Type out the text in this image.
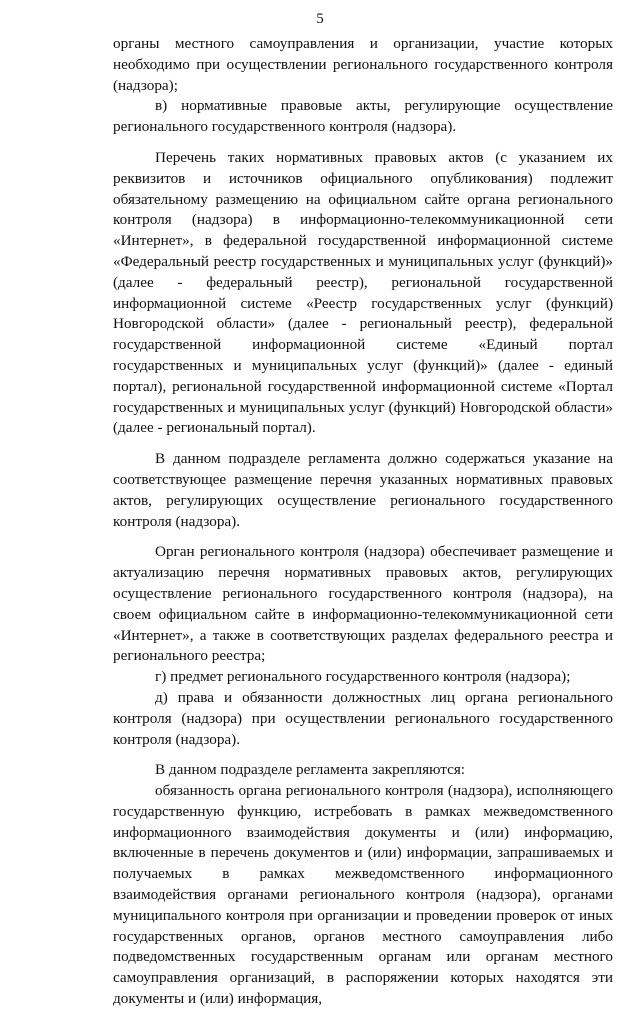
5

органы местного самоуправления и организации, участие которых необходимо при осуществлении регионального государственного контроля (надзора);

в) нормативные правовые акты, регулирующие осуществление регионального государственного контроля (надзора).

Перечень таких нормативных правовых актов (с указанием их реквизитов и источников официального опубликования) подлежит обязательному размещению на официальном сайте органа регионального контроля (надзора) в информационно-телекоммуникационной сети «Интернет», в федеральной государственной информационной системе «Федеральный реестр государственных и муниципальных услуг (функций)» (далее - федеральный реестр), региональной государственной информационной системе «Реестр государственных услуг (функций) Новгородской области» (далее - региональный реестр), федеральной государственной информационной системе «Единый портал государственных и муниципальных услуг (функций)» (далее - единый портал), региональной государственной информационной системе «Портал государственных и муниципальных услуг (функций) Новгородской области» (далее - региональный портал).

В данном подразделе регламента должно содержаться указание на соответствующее размещение перечня указанных нормативных правовых актов, регулирующих осуществление регионального государственного контроля (надзора).

Орган регионального контроля (надзора) обеспечивает размещение и актуализацию перечня нормативных правовых актов, регулирующих осуществление регионального государственного контроля (надзора), на своем официальном сайте в информационно-телекоммуникационной сети «Интернет», а также в соответствующих разделах федерального реестра и регионального реестра;

г) предмет регионального государственного контроля (надзора);

д) права и обязанности должностных лиц органа регионального контроля (надзора) при осуществлении регионального государственного контроля (надзора).

В данном подразделе регламента закрепляются:

обязанность органа регионального контроля (надзора), исполняющего государственную функцию, истребовать в рамках межведомственного информационного взаимодействия документы и (или) информацию, включенные в перечень документов и (или) информации, запрашиваемых и получаемых в рамках межведомственного информационного взаимодействия органами регионального контроля (надзора), органами муниципального контроля при организации и проведении проверок от иных государственных органов, органов местного самоуправления либо подведомственных государственным органам или органам местного самоуправления организаций, в распоряжении которых находятся эти документы и (или) информация,
